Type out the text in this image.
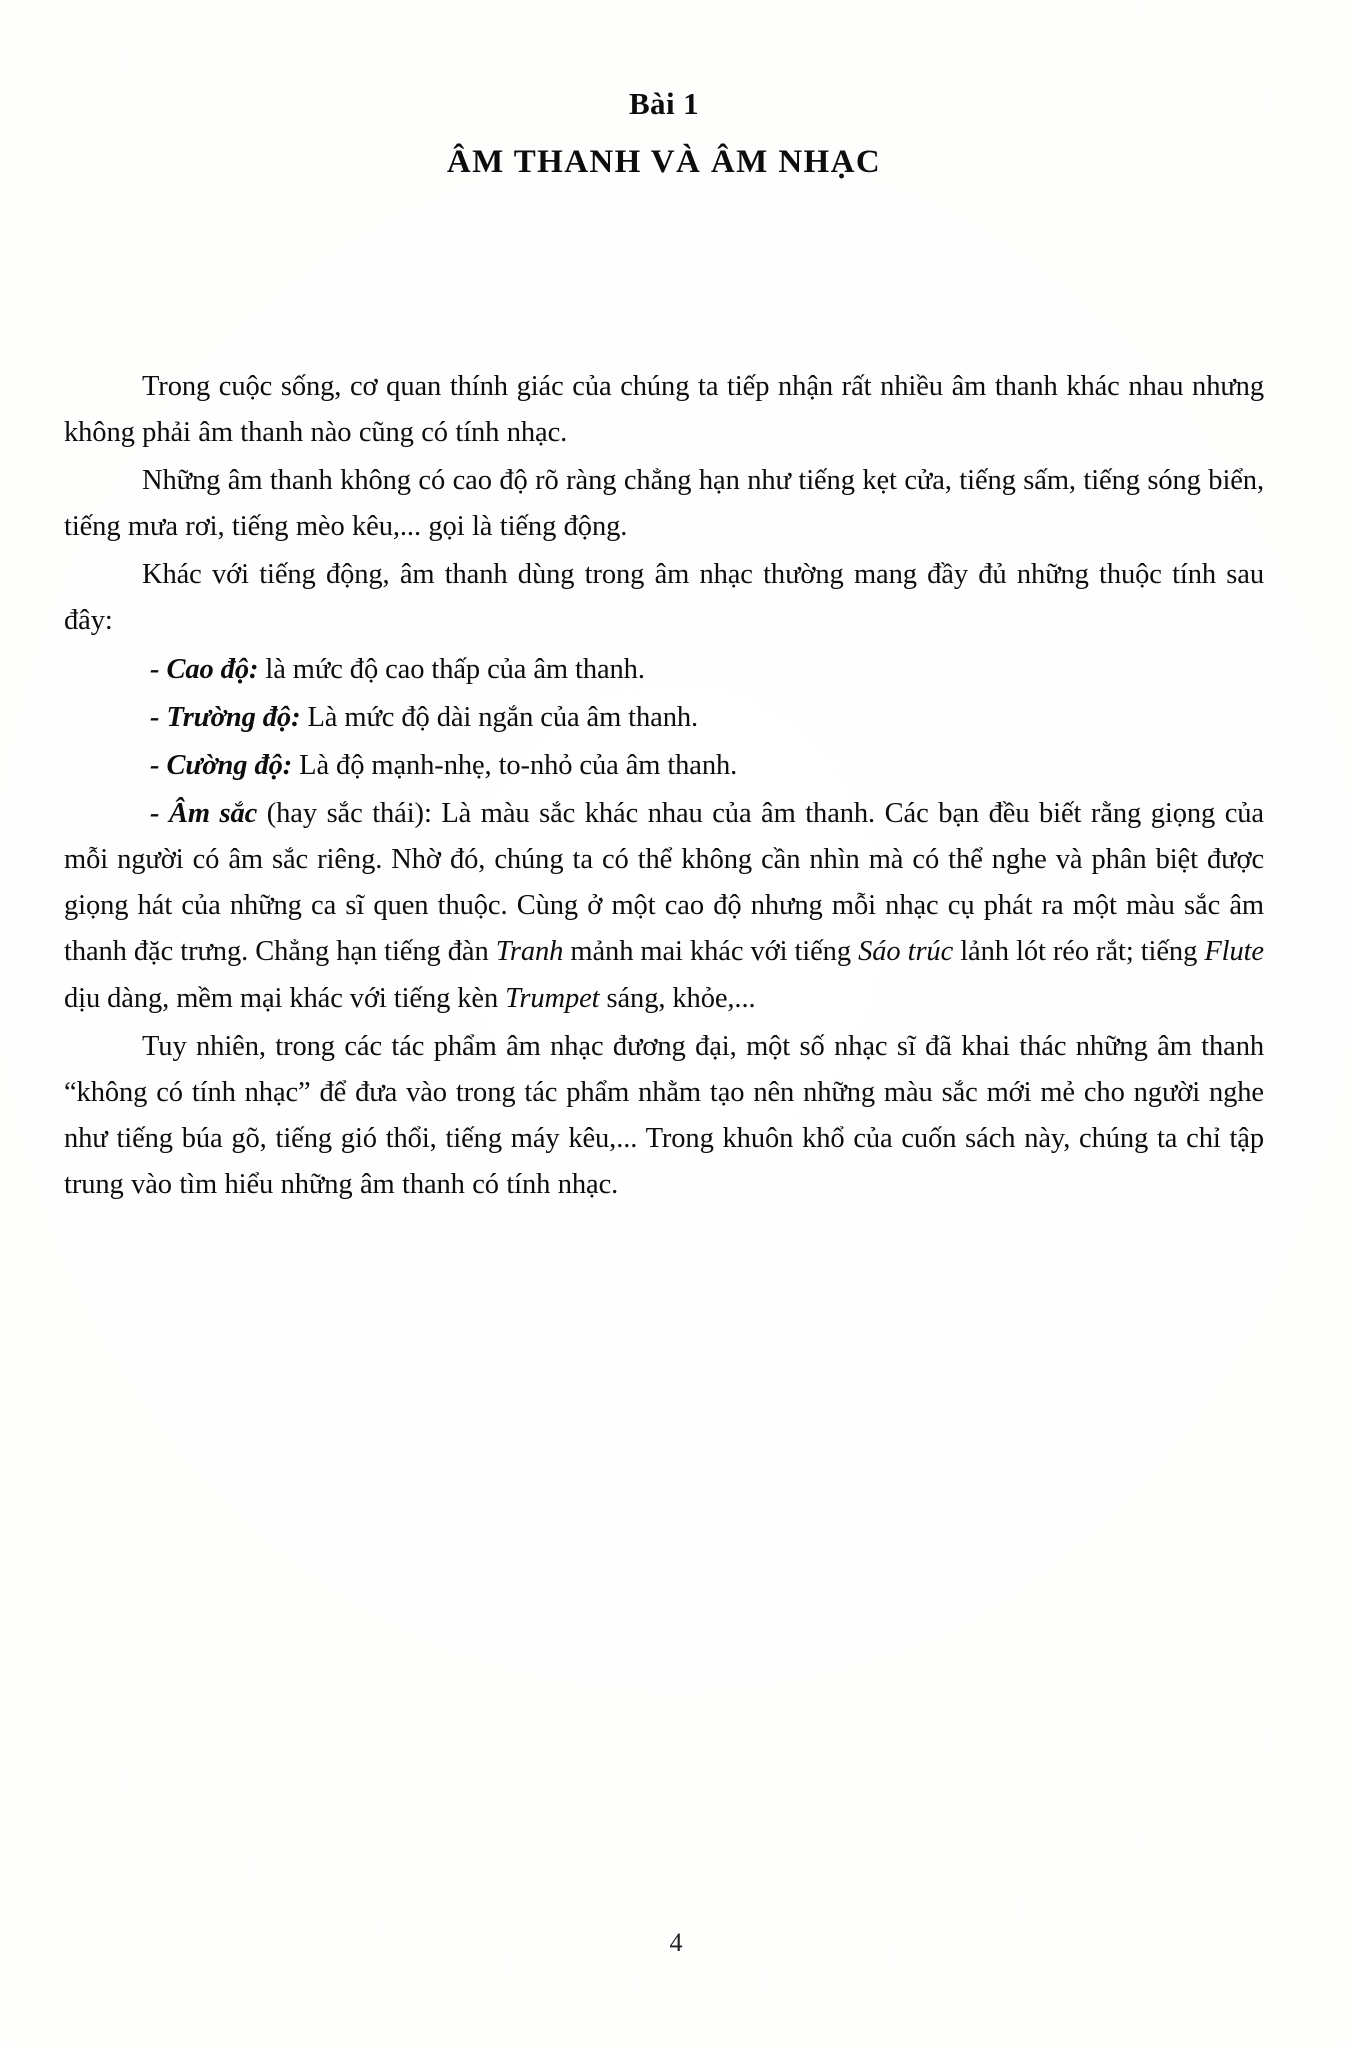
Bài 1
ÂM THANH VÀ ÂM NHẠC

Trong cuộc sống, cơ quan thính giác của chúng ta tiếp nhận rất nhiều âm thanh khác nhau nhưng không phải âm thanh nào cũng có tính nhạc.

Những âm thanh không có cao độ rõ ràng chẳng hạn như tiếng kẹt cửa, tiếng sấm, tiếng sóng biển, tiếng mưa rơi, tiếng mèo kêu,... gọi là tiếng động.

Khác với tiếng động, âm thanh dùng trong âm nhạc thường mang đầy đủ những thuộc tính sau đây:

- Cao độ: là mức độ cao thấp của âm thanh.
- Trường độ: Là mức độ dài ngắn của âm thanh.
- Cường độ: Là độ mạnh-nhẹ, to-nhỏ của âm thanh.
- Âm sắc (hay sắc thái): Là màu sắc khác nhau của âm thanh. Các bạn đều biết rằng giọng của mỗi người có âm sắc riêng. Nhờ đó, chúng ta có thể không cần nhìn mà có thể nghe và phân biệt được giọng hát của những ca sĩ quen thuộc. Cùng ở một cao độ nhưng mỗi nhạc cụ phát ra một màu sắc âm thanh đặc trưng. Chẳng hạn tiếng đàn Tranh mảnh mai khác với tiếng Sáo trúc lảnh lót réo rắt; tiếng Flute dịu dàng, mềm mại khác với tiếng kèn Trumpet sáng, khỏe,...

Tuy nhiên, trong các tác phẩm âm nhạc đương đại, một số nhạc sĩ đã khai thác những âm thanh “không có tính nhạc” để đưa vào trong tác phẩm nhằm tạo nên những màu sắc mới mẻ cho người nghe như tiếng búa gõ, tiếng gió thổi, tiếng máy kêu,... Trong khuôn khổ của cuốn sách này, chúng ta chỉ tập trung vào tìm hiểu những âm thanh có tính nhạc.

4
